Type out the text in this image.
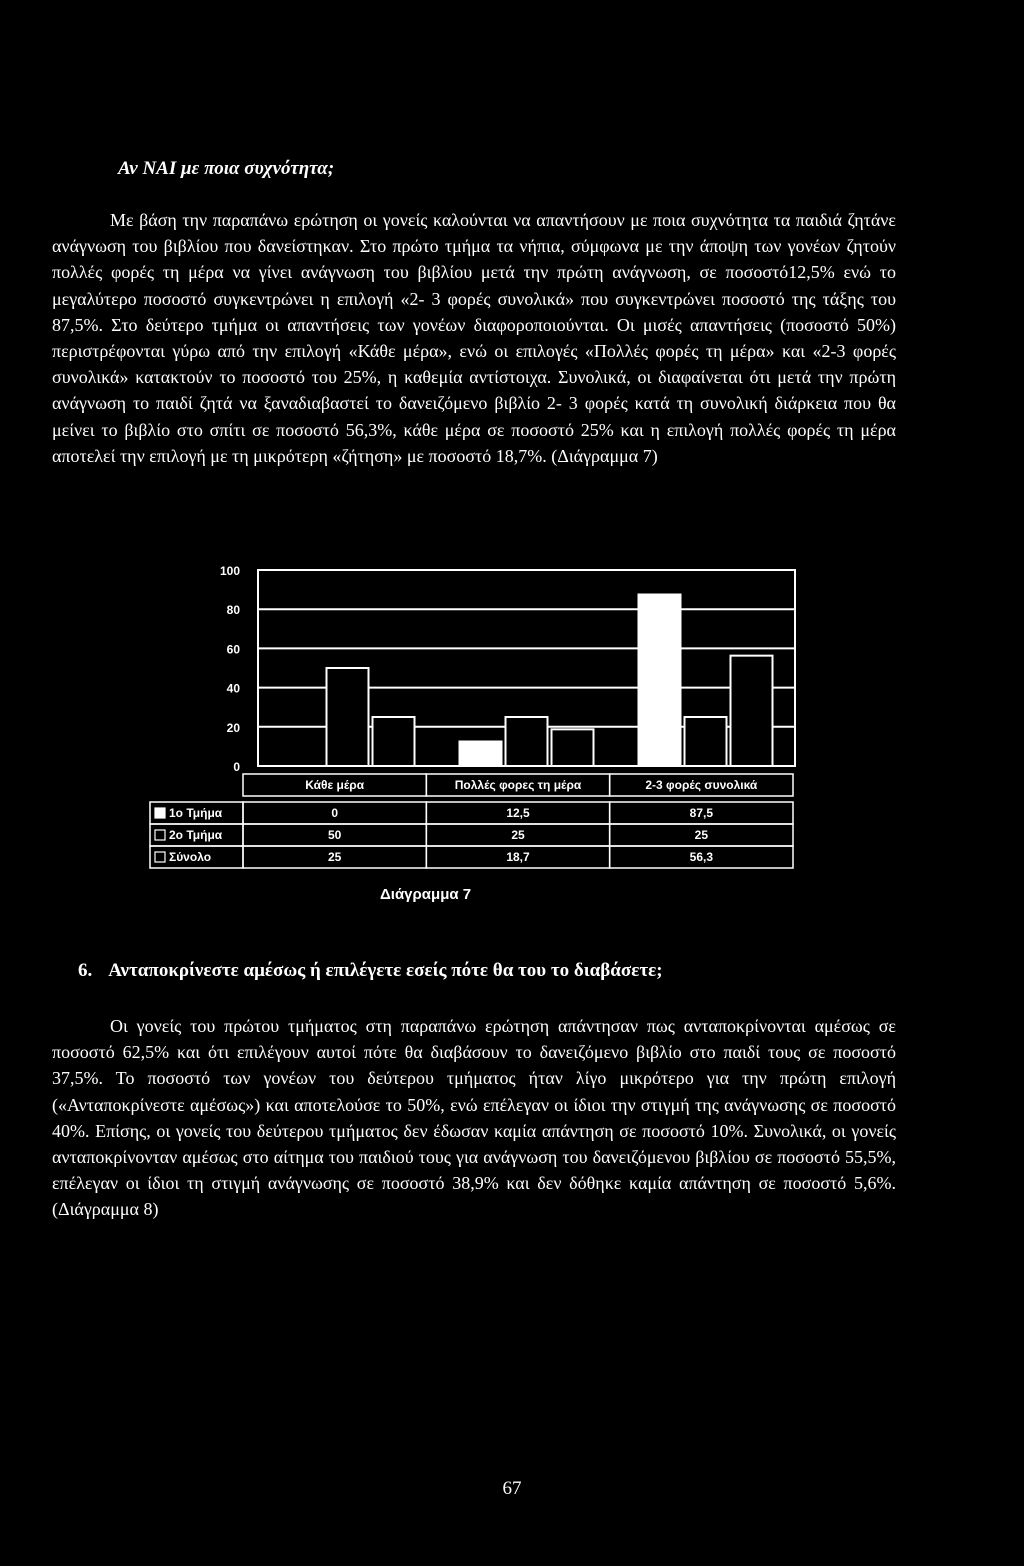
Αν ΝΑΙ με ποια συχνότητα;

Με βάση την παραπάνω ερώτηση οι γονείς καλούνται να απαντήσουν με ποια συχνότητα τα παιδιά ζητάνε ανάγνωση του βιβλίου που δανείστηκαν. Στο πρώτο τμήμα τα νήπια, σύμφωνα με την άποψη των γονέων ζητούν πολλές φορές τη μέρα να γίνει ανάγνωση του βιβλίου μετά την πρώτη ανάγνωση, σε ποσοστό12,5% ενώ το μεγαλύτερο ποσοστό συγκεντρώνει η επιλογή «2- 3 φορές συνολικά» που συγκεντρώνει ποσοστό της τάξης του 87,5%. Στο δεύτερο τμήμα οι απαντήσεις των γονέων διαφοροποιούνται. Οι μισές απαντήσεις (ποσοστό 50%) περιστρέφονται γύρω από την επιλογή «Κάθε μέρα», ενώ οι επιλογές «Πολλές φορές τη μέρα» και «2-3 φορές συνολικά» κατακτούν το ποσοστό του 25%, η καθεμία αντίστοιχα. Συνολικά, οι διαφαίνεται ότι μετά την πρώτη ανάγνωση το παιδί ζητά να ξαναδιαβαστεί το δανειζόμενο βιβλίο 2- 3 φορές κατά τη συνολική διάρκεια που θα μείνει το βιβλίο στο σπίτι σε ποσοστό 56,3%, κάθε μέρα σε ποσοστό 25% και η επιλογή πολλές φορές τη μέρα αποτελεί την επιλογή με τη μικρότερη «ζήτηση» με ποσοστό 18,7%. (Διάγραμμα 7)

0
20
40
60
80
100
Κάθε μέρα	Πολλές φορες τη μέρα	2-3 φορές συνολικά
1ο Τμήμα	0	12,5	87,5
2ο Τμήμα	50	25	25
Σύνολο	25	18,7	56,3
Διάγραμμα 7
6. Ανταποκρίνεστε αμέσως ή επιλέγετε εσείς πότε θα του το διαβάσετε;

Οι γονείς του πρώτου τμήματος στη παραπάνω ερώτηση απάντησαν πως ανταποκρίνονται αμέσως σε ποσοστό 62,5% και ότι επιλέγουν αυτοί πότε θα διαβάσουν το δανειζόμενο βιβλίο στο παιδί τους σε ποσοστό 37,5%. Το ποσοστό των γονέων του δεύτερου τμήματος ήταν λίγο μικρότερο για την πρώτη επιλογή («Ανταποκρίνεστε αμέσως») και αποτελούσε το 50%, ενώ επέλεγαν οι ίδιοι την στιγμή της ανάγνωσης σε ποσοστό 40%. Επίσης, οι γονείς του δεύτερου τμήματος δεν έδωσαν καμία απάντηση σε ποσοστό 10%. Συνολικά, οι γονείς ανταποκρίνονταν αμέσως στο αίτημα του παιδιού τους για ανάγνωση του δανειζόμενου βιβλίου σε ποσοστό 55,5%, επέλεγαν οι ίδιοι τη στιγμή ανάγνωσης σε ποσοστό 38,9% και δεν δόθηκε καμία απάντηση σε ποσοστό 5,6%. (Διάγραμμα 8)

67
